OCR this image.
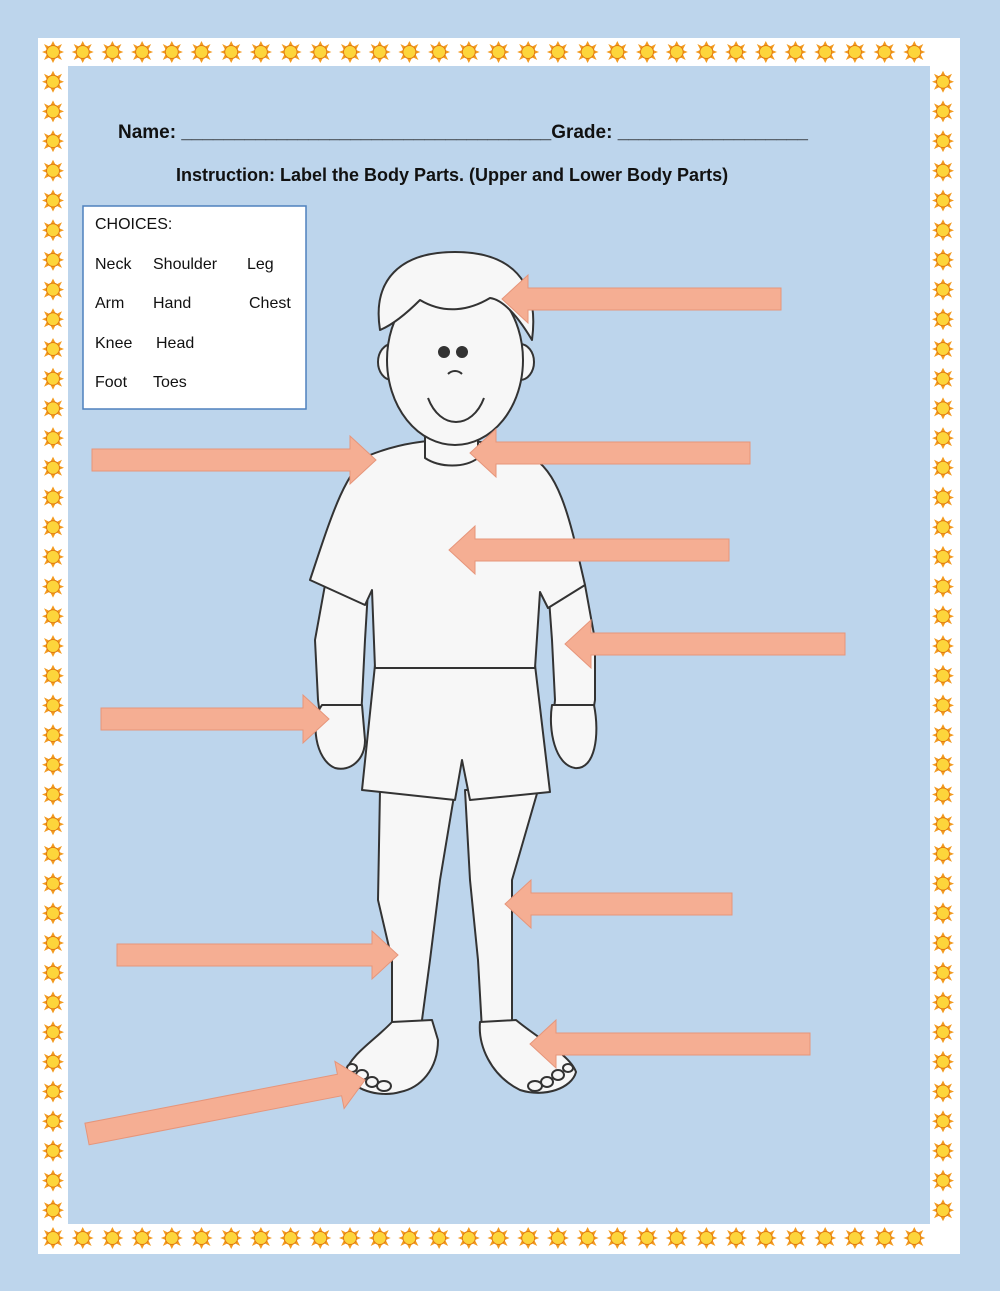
Name: ___________________________________Grade: __________________
Instruction: Label the Body Parts. (Upper and Lower Body Parts)
CHOICES:
Neck Shoulder Leg
Arm Hand	Chest
Knee Head
Foot Toes
